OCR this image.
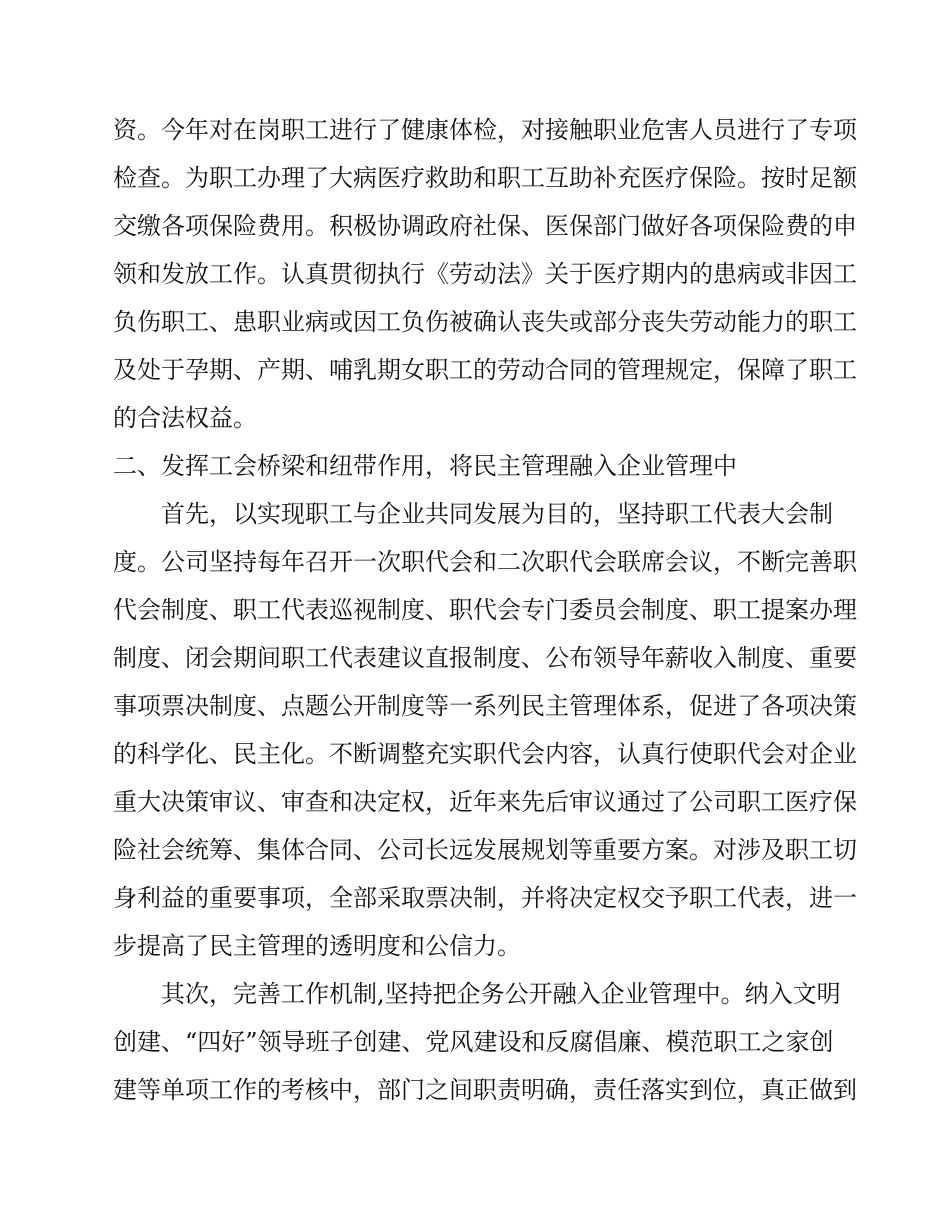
资。今年对在岗职工进行了健康体检，对接触职业危害人员进行了专项
检查。为职工办理了大病医疗救助和职工互助补充医疗保险。按时足额
交缴各项保险费用。积极协调政府社保、医保部门做好各项保险费的申
领和发放工作。认真贯彻执行《劳动法》关于医疗期内的患病或非因工
负伤职工、患职业病或因工负伤被确认丧失或部分丧失劳动能力的职工
及处于孕期、产期、哺乳期女职工的劳动合同的管理规定，保障了职工
的合法权益。
二、发挥工会桥梁和纽带作用，将民主管理融入企业管理中
首先，以实现职工与企业共同发展为目的，坚持职工代表大会制
度。公司坚持每年召开一次职代会和二次职代会联席会议，不断完善职
代会制度、职工代表巡视制度、职代会专门委员会制度、职工提案办理
制度、闭会期间职工代表建议直报制度、公布领导年薪收入制度、重要
事项票决制度、点题公开制度等一系列民主管理体系，促进了各项决策
的科学化、民主化。不断调整充实职代会内容，认真行使职代会对企业
重大决策审议、审查和决定权，近年来先后审议通过了公司职工医疗保
险社会统筹、集体合同、公司长远发展规划等重要方案。对涉及职工切
身利益的重要事项，全部采取票决制，并将决定权交予职工代表，进一
步提高了民主管理的透明度和公信力。
其次，完善工作机制,坚持把企务公开融入企业管理中。纳入文明
创建、“四好”领导班子创建、党风建设和反腐倡廉、模范职工之家创
建等单项工作的考核中，部门之间职责明确，责任落实到位，真正做到
